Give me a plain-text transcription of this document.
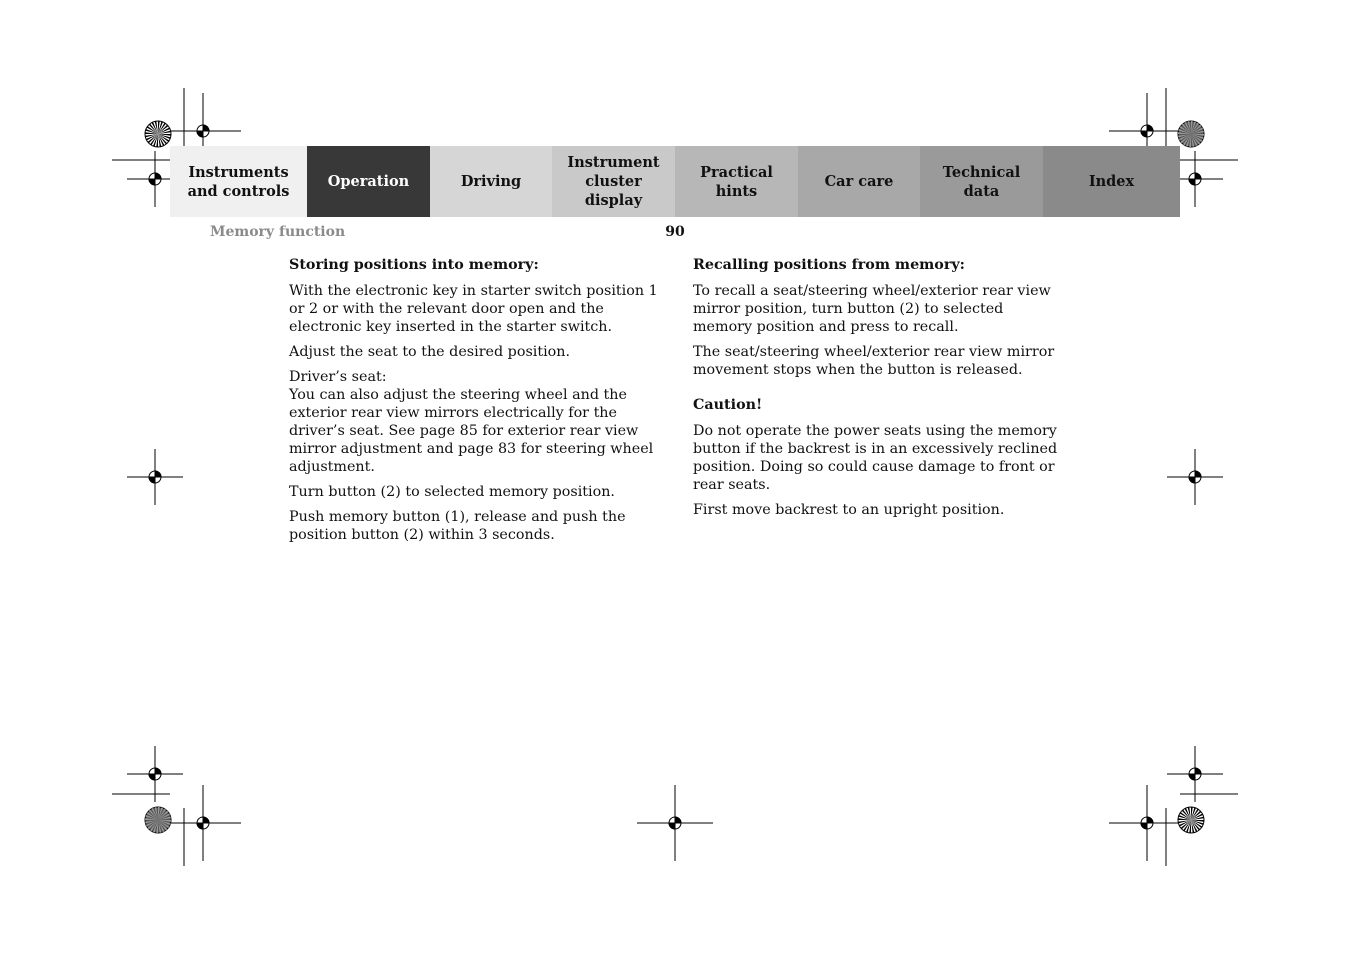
Instruments
and controls
Operation	Driving
Instrument
cluster display
Practical hints
Car care
Technical
data
Index
Memory function	90
Storing positions into memory:

With the electronic key in starter switch position 1 or 2 or with the relevant door open and the electronic key inserted in the starter switch.

Adjust the seat to the desired position.

Driver’s seat:
You can also adjust the steering wheel and the exterior rear view mirrors electrically for the driver’s seat. See page 85 for exterior rear view mirror adjustment and page 83 for steering wheel adjustment.

Turn button (2) to selected memory position.

Push memory button (1), release and push the position button (2) within 3 seconds.

Recalling positions from memory:

To recall a seat/steering wheel/exterior rear view mirror position, turn button (2) to selected memory position and press to recall.

The seat/steering wheel/exterior rear view mirror movement stops when the button is released.

Caution!

Do not operate the power seats using the memory button if the backrest is in an excessively reclined position. Doing so could cause damage to front or rear seats.

First move backrest to an upright position.
